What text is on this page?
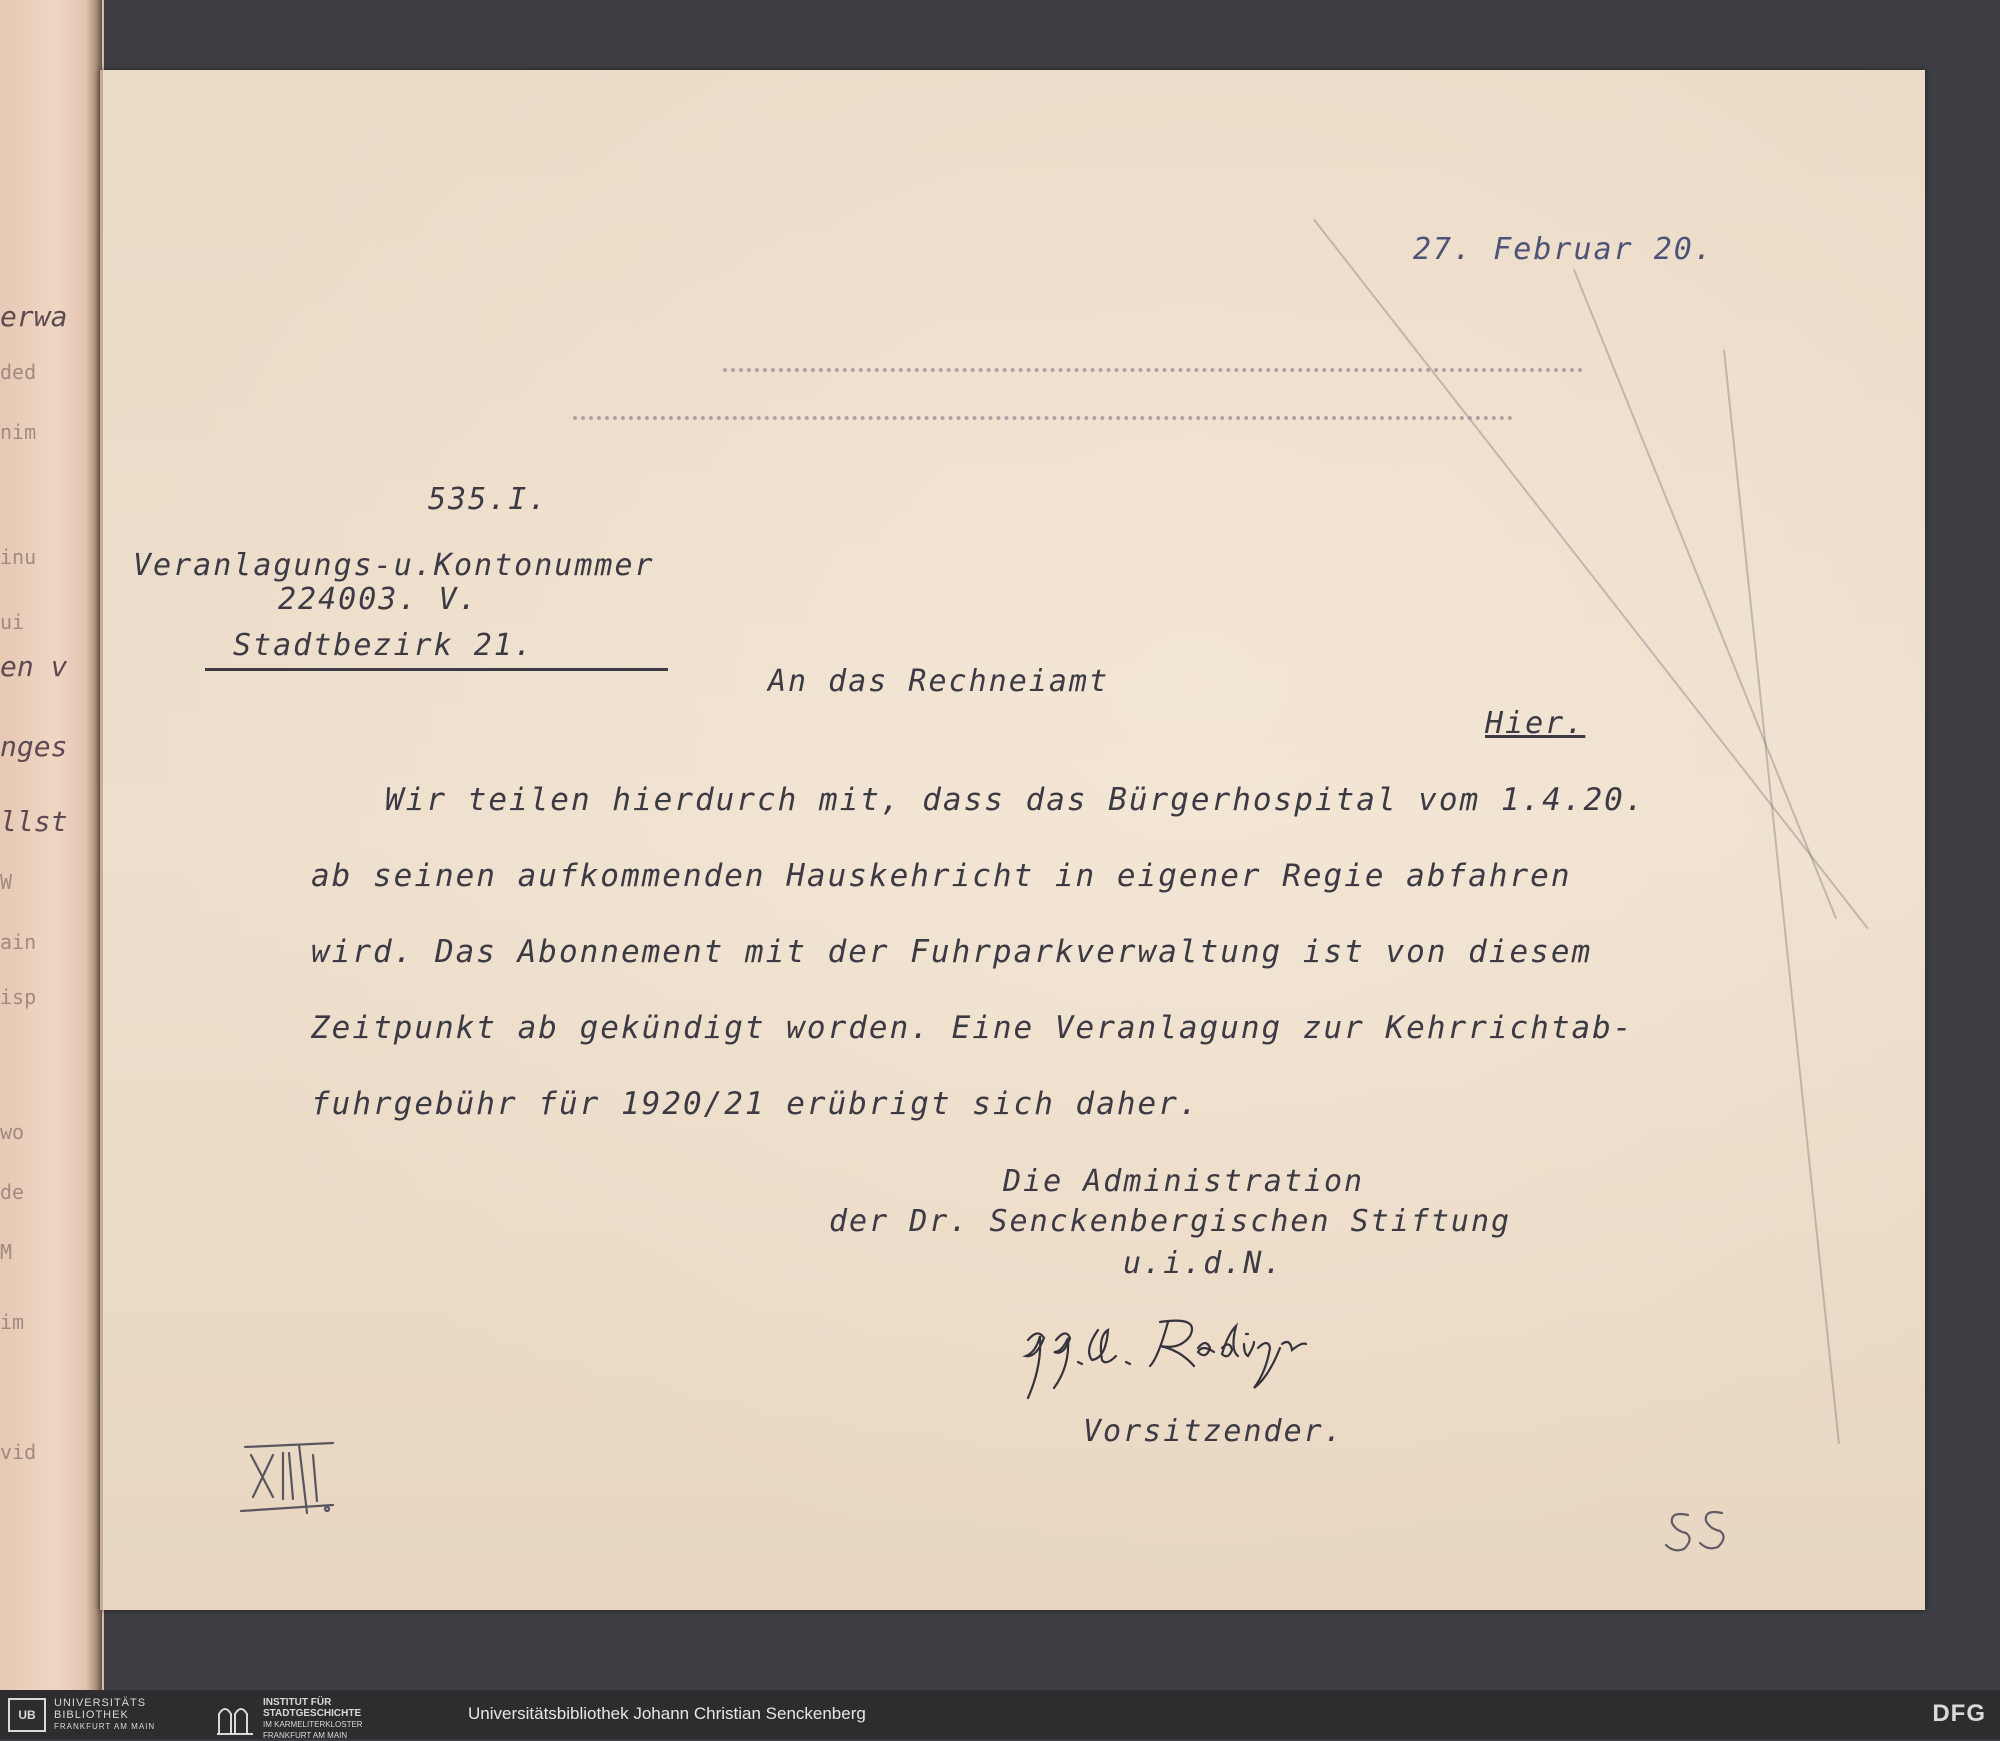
erwa
ded
nim
inu
ui
en v
nges
llst
W
ain
isp
wo
de
M
im
vid
27. Februar 20.
535.I.
Veranlagungs-u.Kontonummer
224003. V.
Stadtbezirk 21.
An das Rechneiamt
Hier.
Wir teilen hierdurch mit, dass das Bürgerhospital vom 1.4.20.
ab seinen aufkommenden Hauskehricht in eigener Regie abfahren
wird. Das Abonnement mit der Fuhrparkverwaltung ist von diesem
Zeitpunkt ab gekündigt worden. Eine Veranlagung zur Kehrrichtab-
fuhrgebühr für 1920/21 erübrigt sich daher.
Die Administration
der Dr. Senckenbergischen Stiftung
u.i.d.N.
Vorsitzender.
UB
UNIVERSITÄTS
BIBLIOTHEK
FRANKFURT AM MAIN
INSTITUT FÜR
STADTGESCHICHTE
IM KARMELITERKLOSTER
FRANKFURT AM MAIN
Universitätsbibliothek Johann Christian Senckenberg	DFG
